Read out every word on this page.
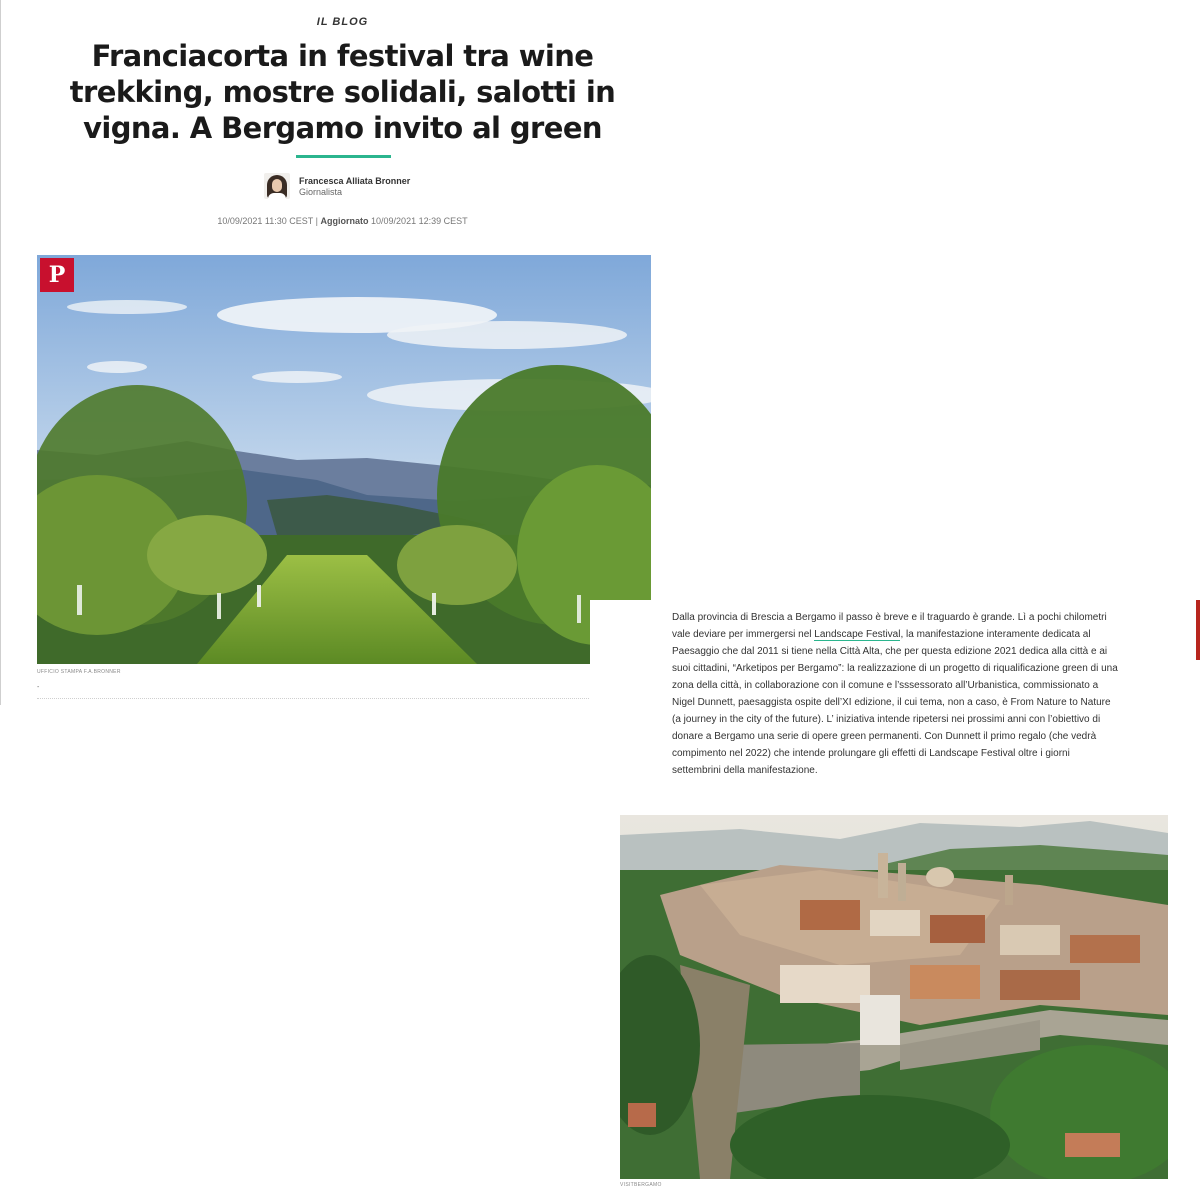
IL BLOG
Franciacorta in festival tra wine trekking, mostre solidali, salotti in vigna. A Bergamo invito al green
Francesca Alliata Bronner
Giornalista
10/09/2021 11:30 CEST | Aggiornato 10/09/2021 12:39 CEST
P
UFFICIO STAMPA F.A.BRONNER
-

Dalla provincia di Brescia a Bergamo il passo è breve e il traguardo è grande. Lì a pochi chilometri vale deviare per immergersi nel Landscape Festival, la manifestazione interamente dedicata al Paesaggio che dal 2011 si tiene nella Città Alta, che per questa edizione 2021 dedica alla città e ai suoi cittadini, “Arketipos per Bergamo”: la realizzazione di un progetto di riqualificazione green di una zona della città, in collaborazione con il comune e l’sssessorato all’Urbanistica, commissionato a Nigel Dunnett, paesaggista ospite dell’XI edizione, il cui tema, non a caso, è From Nature to Nature (a journey in the city of the future). L’ iniziativa intende ripetersi nei prossimi anni con l’obiettivo di donare a Bergamo una serie di opere green permanenti. Con Dunnett il primo regalo (che vedrà compimento nel 2022) che intende prolungare gli effetti di Landscape Festival oltre i giorni settembrini della manifestazione.

VISITBERGAMO
